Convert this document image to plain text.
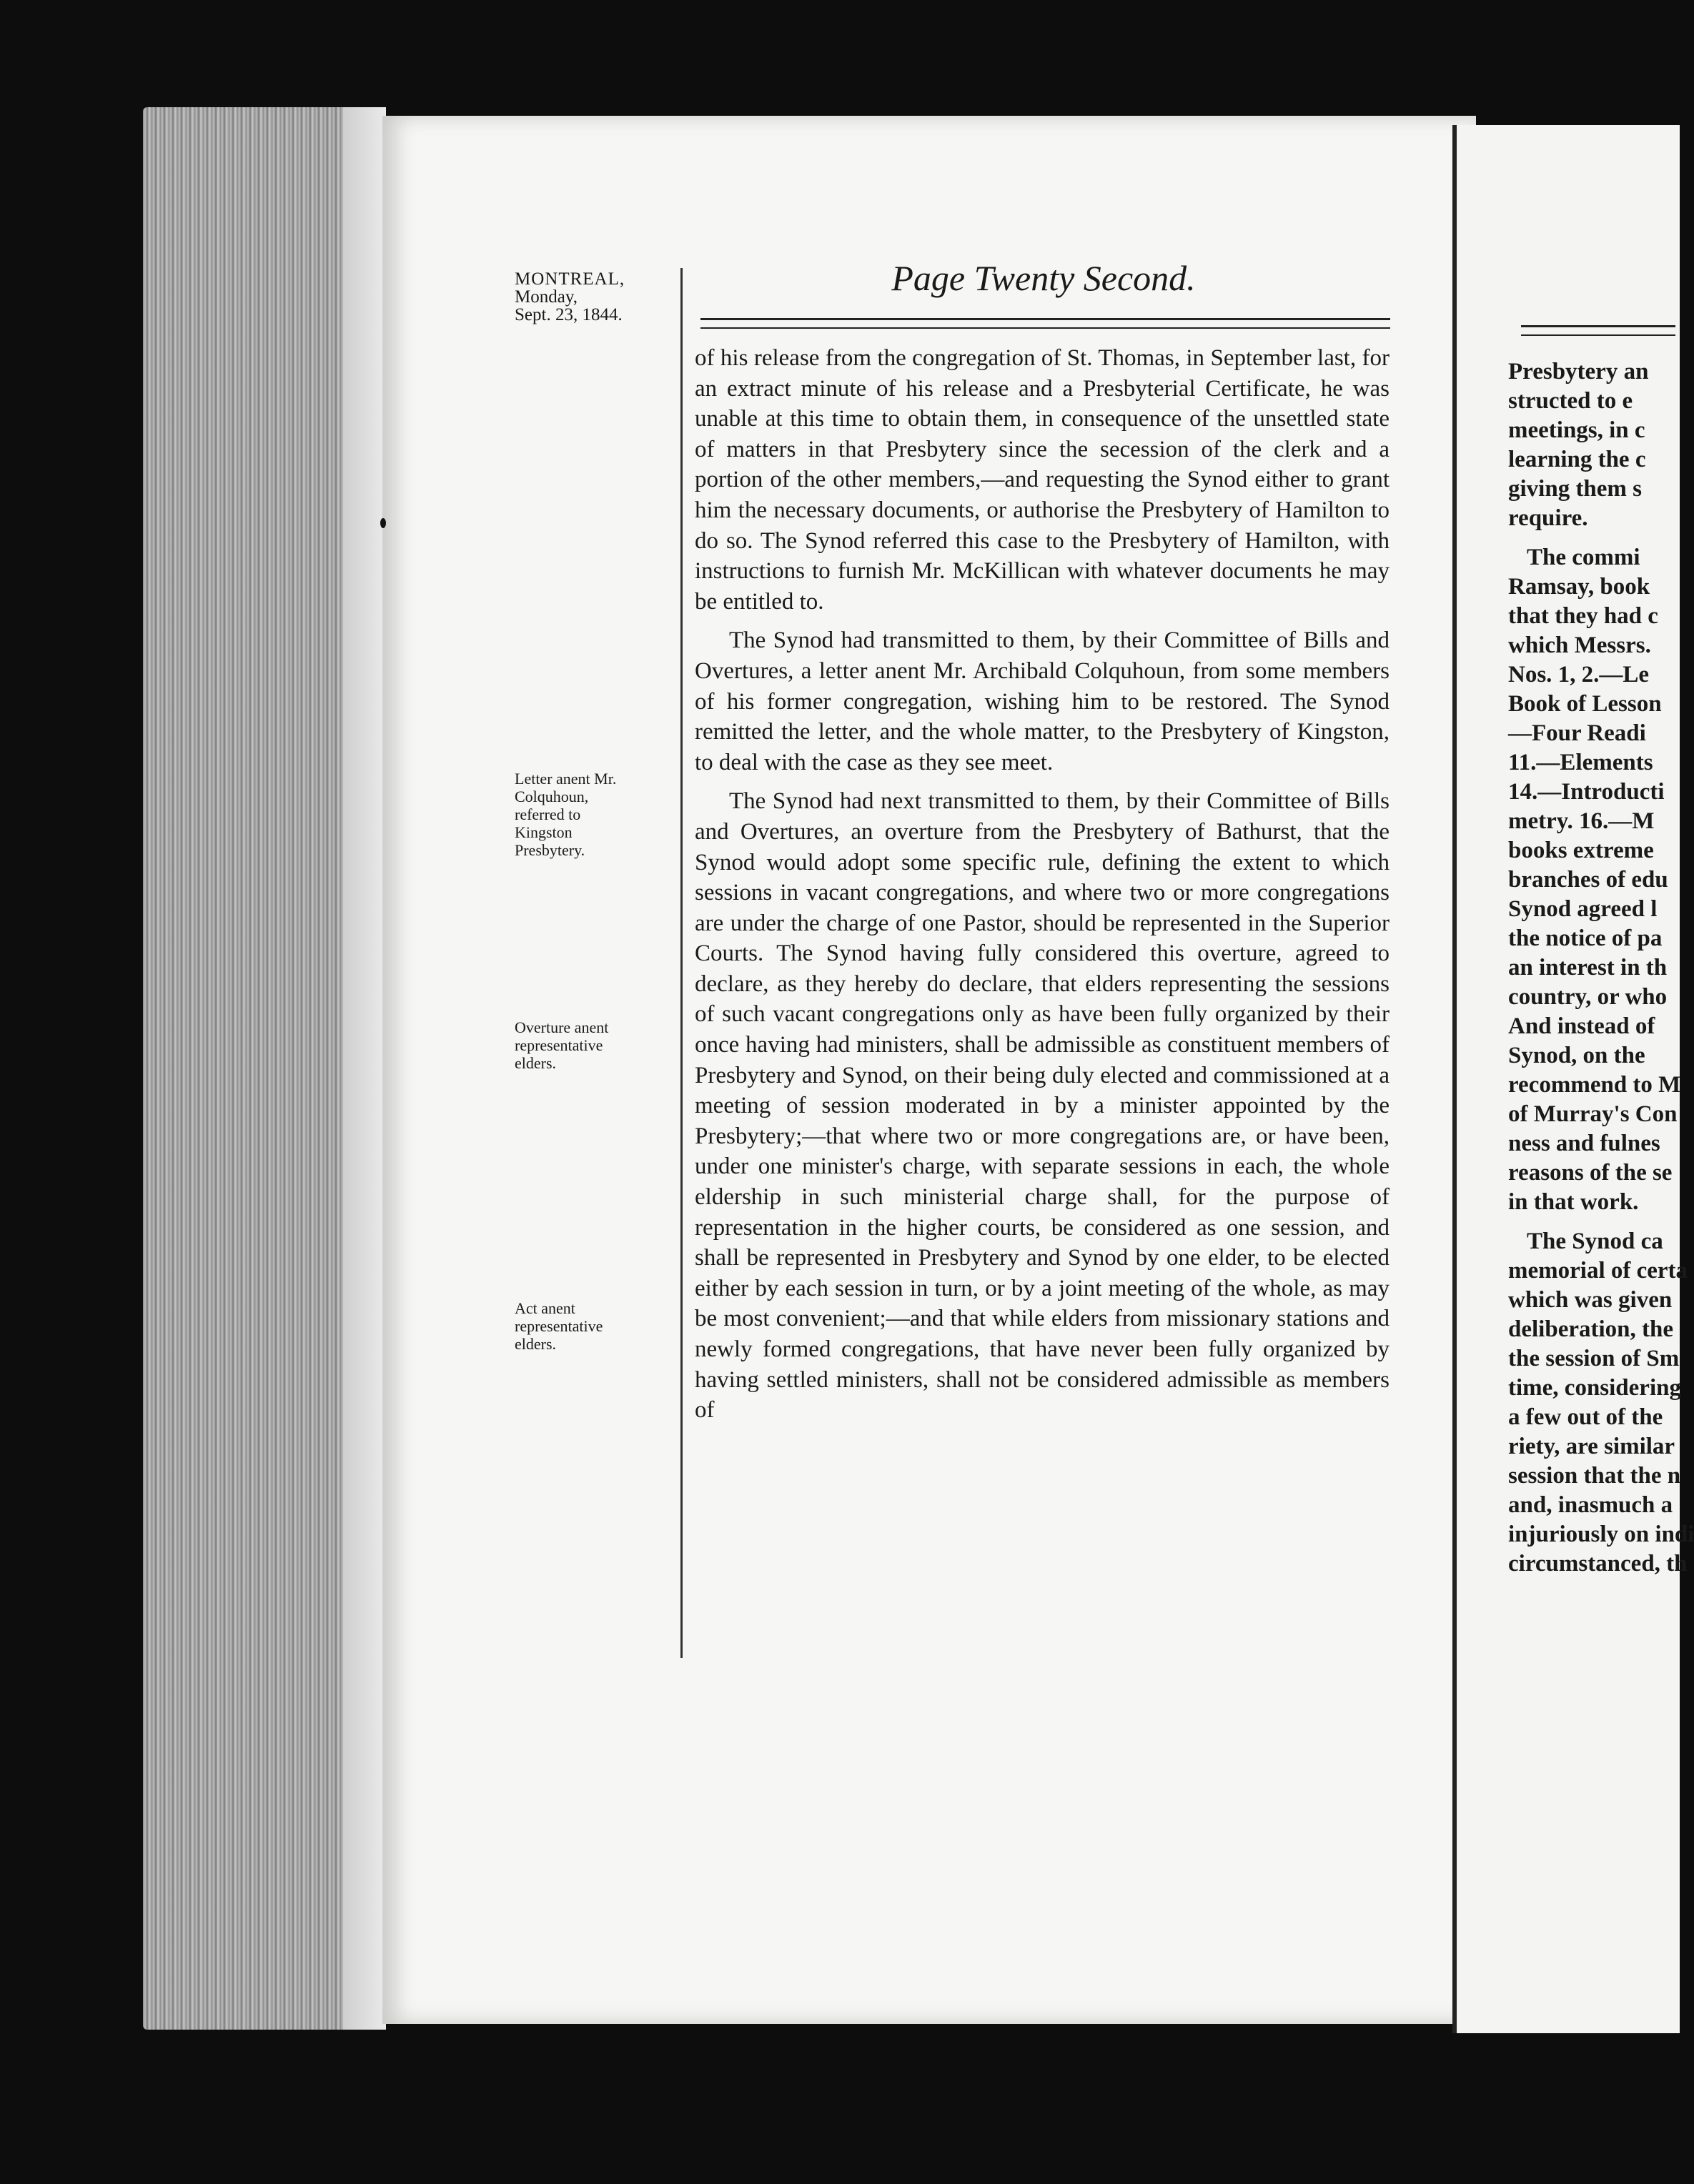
Page Twenty Second.
MONTREAL,
Monday,
Sept. 23, 1844.
Letter anent Mr.
Colquhoun,
referred to
Kingston
Presbytery.
Overture anent
representative
elders.
Act anent
representative
elders.

of his release from the congregation of St. Thomas, in September last, for an extract minute of his release and a Presbyterial Certificate, he was unable at this time to obtain them, in consequence of the unsettled state of matters in that Presbytery since the secession of the clerk and a portion of the other members,—and requesting the Synod either to grant him the necessary documents, or authorise the Presbytery of Hamilton to do so. The Synod referred this case to the Presbytery of Hamilton, with instructions to furnish Mr. McKillican with whatever documents he may be entitled to.

The Synod had transmitted to them, by their Committee of Bills and Overtures, a letter anent Mr. Archibald Colquhoun, from some members of his former congregation, wishing him to be restored. The Synod remitted the letter, and the whole matter, to the Presbytery of Kingston, to deal with the case as they see meet.

The Synod had next transmitted to them, by their Committee of Bills and Overtures, an overture from the Presbytery of Bathurst, that the Synod would adopt some specific rule, defining the extent to which sessions in vacant congregations, and where two or more congregations are under the charge of one Pastor, should be represented in the Superior Courts. The Synod having fully considered this overture, agreed to declare, as they hereby do declare, that elders representing the sessions of such vacant congregations only as have been fully organized by their once having had ministers, shall be admissible as constituent members of Presbytery and Synod, on their being duly elected and commissioned at a meeting of session moderated in by a minister appointed by the Presbytery;—that where two or more congregations are, or have been, under one minister's charge, with separate sessions in each, the whole eldership in such ministerial charge shall, for the purpose of representation in the higher courts, be considered as one session, and shall be represented in Presbytery and Synod by one elder, to be elected either by each session in turn, or by a joint meeting of the whole, as may be most convenient;—and that while elders from missionary stations and newly formed congregations, that have never been fully organized by having settled ministers, shall not be considered admissible as members of

Presbytery an
structed to e
meetings, in c
learning the c
giving them s
require.
The commi
Ramsay, book
that they had c
which Messrs.
Nos. 1, 2.—Le
Book of Lesson
—Four Readi
11.—Elements
14.—Introducti
metry. 16.—M
books extreme
branches of edu
Synod agreed l
the notice of pa
an interest in th
country, or who
And instead of
Synod, on the
recommend to M
of Murray's Con
ness and fulnes
reasons of the se
in that work.
The Synod ca
memorial of certa
which was given
deliberation, the
the session of Sm
time, considering
a few out of the
riety, are similar
session that the n
and, inasmuch a
injuriously on indi
circumstanced, th
